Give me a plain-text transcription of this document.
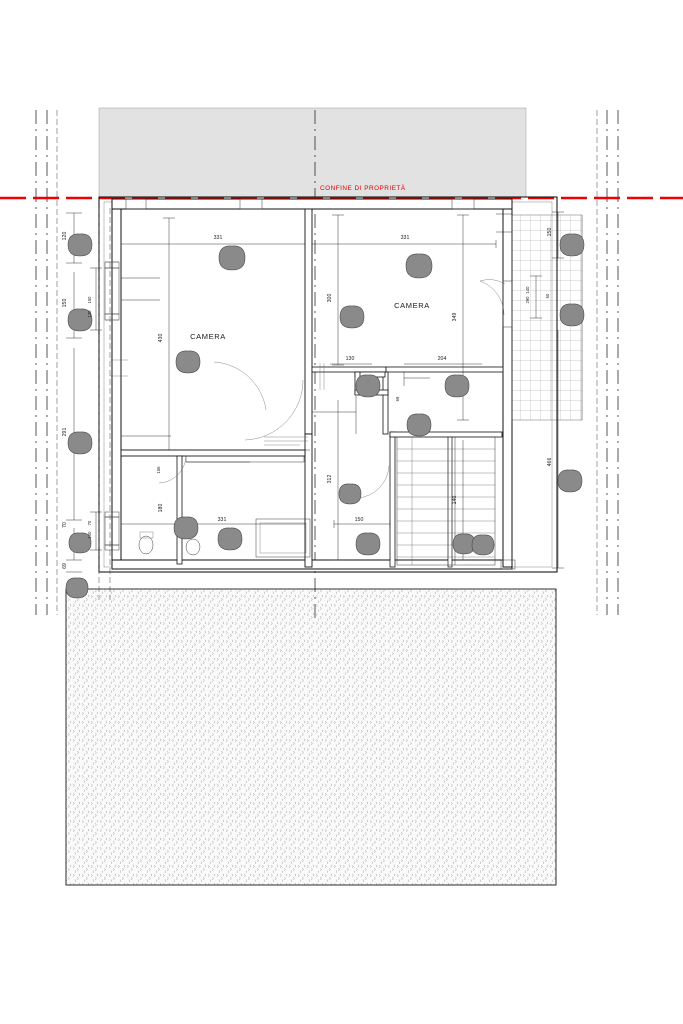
CONFINE DI PROPRIETÀ
CAMERA
CAMERA
331	331
331	150
130	204
120
150	150
130
291
70	70
140
69
430
156
180
300
312
69
349
140
150
140
290
50
466
